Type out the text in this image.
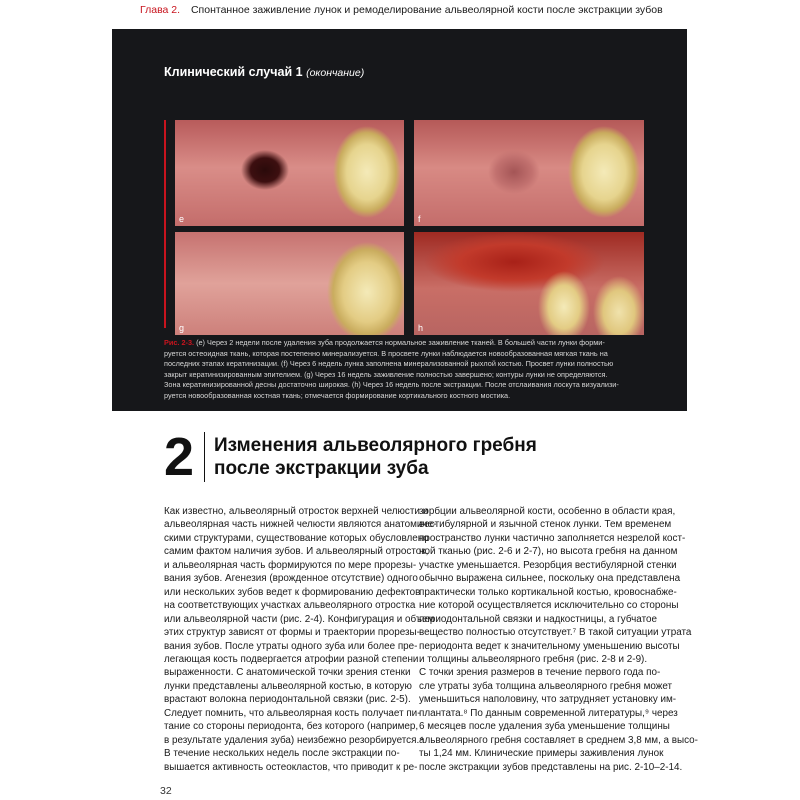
Глава 2. Спонтанное заживление лунок и ремоделирование альвеолярной кости после экстракции зубов
Клинический случай 1 (окончание)
e	f
g	h
Рис. 2-3. (e) Через 2 недели после удаления зуба продолжается нормальное заживление тканей. В большей части лунки форми-
руется остеоидная ткань, которая постепенно минерализуется. В просвете лунки наблюдается новообразованная мягкая ткань на
последних этапах кератинизации. (f) Через 6 недель лунка заполнена минерализованной рыхлой костью. Просвет лунки полностью
закрыт кератинизированным эпителием. (g) Через 16 недель заживление полностью завершено; контуры лунки не определяются.
Зона кератинизированной десны достаточно широкая. (h) Через 16 недель после экстракции. После отслаивания лоскута визуализи-
руется новообразованная костная ткань; отмечается формирование кортикального костного мостика.
2 Изменения альвеолярного гребня
после экстракции зуба
Как известно, альвеолярный отросток верхней челюсти и
альвеолярная часть нижней челюсти являются анатомиче-
скими структурами, существование которых обусловлено
самим фактом наличия зубов. И альвеолярный отросток,
и альвеолярная часть формируются по мере прорезы-
вания зубов. Агенезия (врожденное отсутствие) одного
или нескольких зубов ведет к формированию дефектов
на соответствующих участках альвеолярного отростка
или альвеолярной части (рис. 2-4). Конфигурация и объем
этих структур зависят от формы и траектории прорезы-
вания зубов. После утраты одного зуба или более пре-
легающая кость подвергается атрофии разной степени
выраженности. С анатомической точки зрения стенки
лунки представлены альвеолярной костью, в которую
врастают волокна периодонтальной связки (рис. 2-5).
Следует помнить, что альвеолярная кость получает пи-
тание со стороны периодонта, без которого (например,
в результате удаления зуба) неизбежно резорбируется.⁴
В течение нескольких недель после экстракции по-
вышается активность остеокластов, что приводит к ре-
зорбции альвеолярной кости, особенно в области края,
вестибулярной и язычной стенок лунки. Тем временем
пространство лунки частично заполняется незрелой кост-
ной тканью (рис. 2-6 и 2-7), но высота гребня на данном
участке уменьшается. Резорбция вестибулярной стенки
обычно выражена сильнее, поскольку она представлена
практически только кортикальной костью, кровоснабже-
ние которой осуществляется исключительно со стороны
периодонтальной связки и надкостницы, а губчатое
вещество полностью отсутствует.⁷ В такой ситуации утрата
периодонта ведет к значительному уменьшению высоты
и толщины альвеолярного гребня (рис. 2-8 и 2-9).
С точки зрения размеров в течение первого года по-
сле утраты зуба толщина альвеолярного гребня может
уменьшиться наполовину, что затрудняет установку им-
плантата.⁸ По данным современной литературы,⁹ через
6 месяцев после удаления зуба уменьшение толщины
альвеолярного гребня составляет в среднем 3,8 мм, а высо-
ты 1,24 мм. Клинические примеры заживления лунок
после экстракции зубов представлены на рис. 2-10–2-14.
32
